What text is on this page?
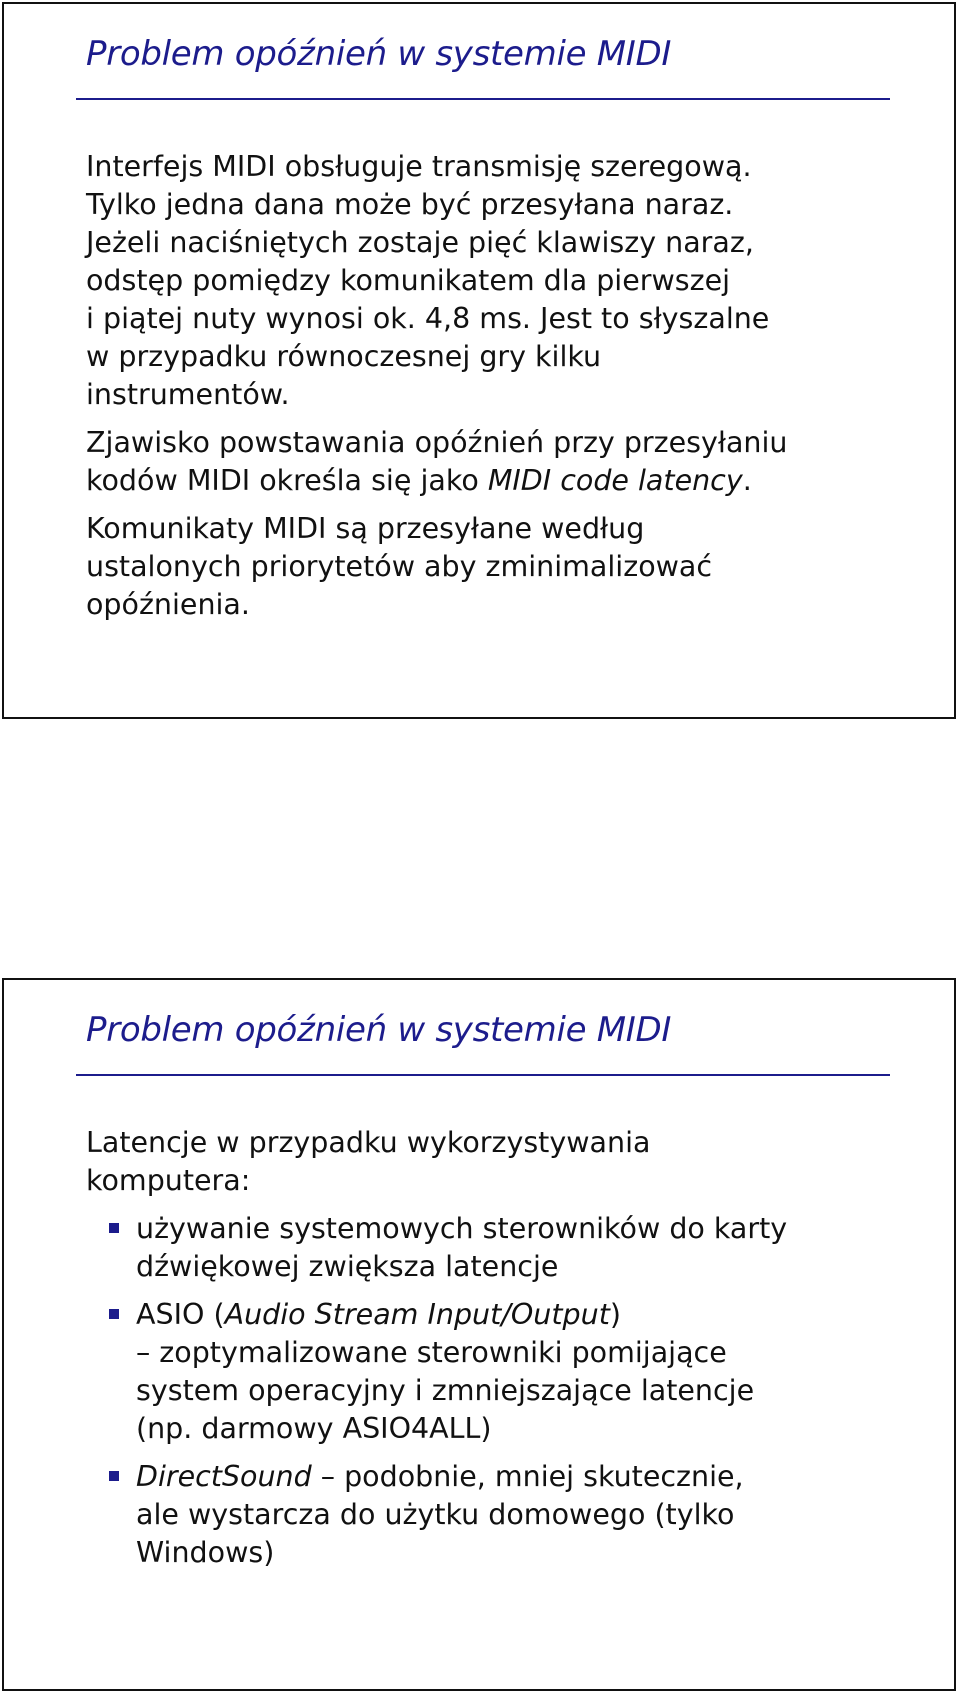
Problem opóźnień w systemie MIDI

Interfejs MIDI obsługuje transmisję szeregową.
Tylko jedna dana może być przesyłana naraz.
Jeżeli naciśniętych zostaje pięć klawiszy naraz,
odstęp pomiędzy komunikatem dla pierwszej
i piątej nuty wynosi ok. 4,8 ms. Jest to słyszalne
w przypadku równoczesnej gry kilku
instrumentów.

Zjawisko powstawania opóźnień przy przesyłaniu
kodów MIDI określa się jako MIDI code latency.

Komunikaty MIDI są przesyłane według
ustalonych priorytetów aby zminimalizować
opóźnienia.

Problem opóźnień w systemie MIDI

Latencje w przypadku wykorzystywania
komputera:

używanie systemowych sterowników do karty
dźwiękowej zwiększa latencje
ASIO (Audio Stream Input/Output)
– zoptymalizowane sterowniki pomijające
system operacyjny i zmniejszające latencje
(np. darmowy ASIO4ALL)
DirectSound – podobnie, mniej skutecznie,
ale wystarcza do użytku domowego (tylko
Windows)
